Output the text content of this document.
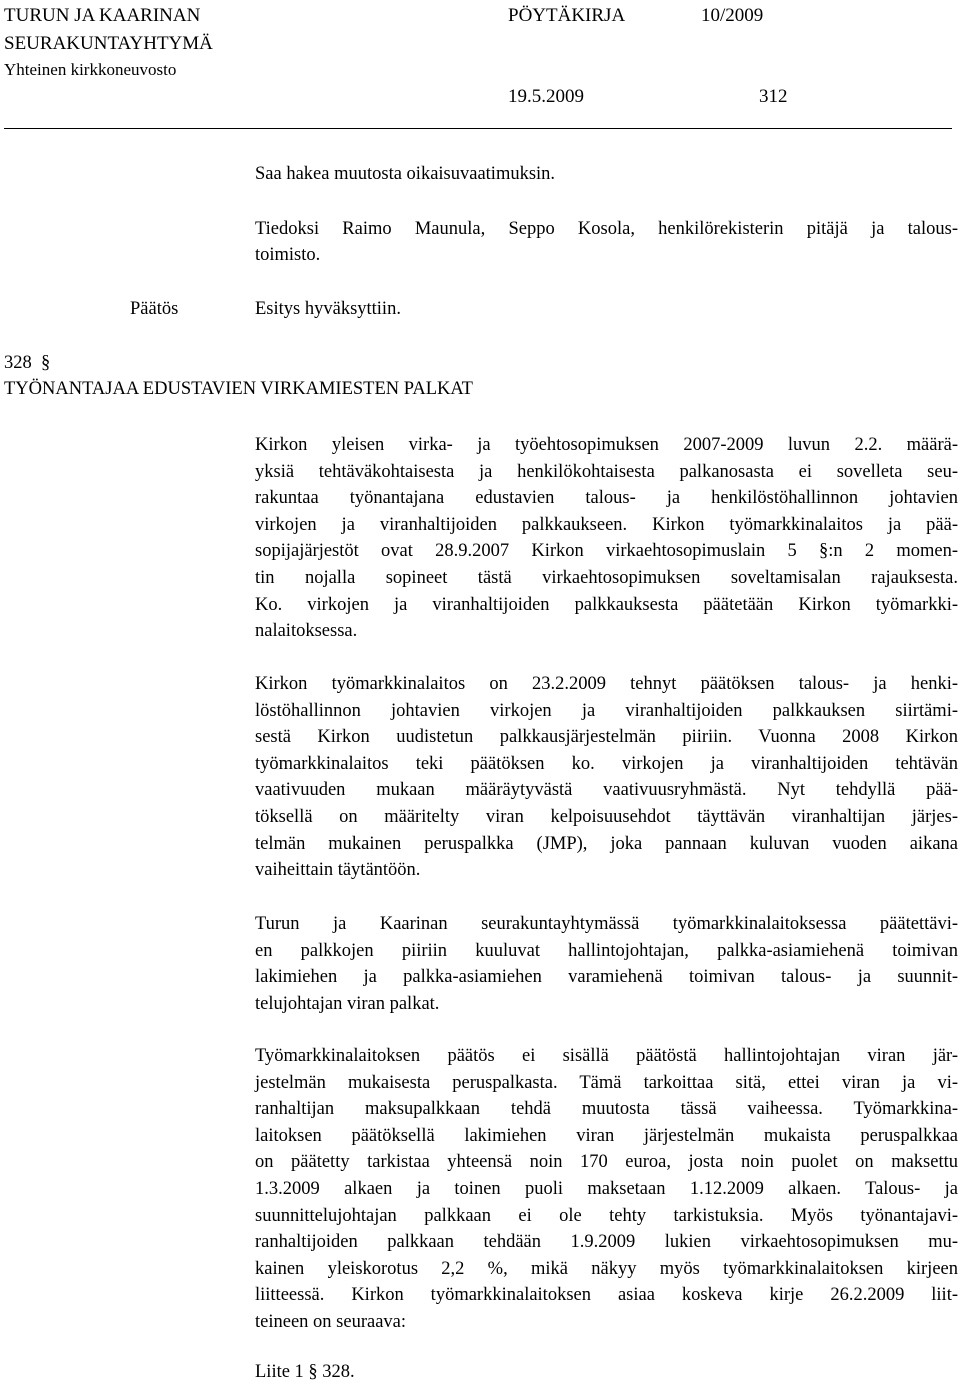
TURUN JA KAARINAN
SEURAKUNTAYHTYMÄ
Yhteinen kirkkoneuvosto
PÖYTÄKIRJA	10/2009
19.5.2009	312
Saa hakea muutosta oikaisuvaatimuksin.
Tiedoksi Raimo Maunula, Seppo Kosola, henkilörekisterin pitäjä ja talous-
toimisto.
Päätös	Esitys hyväksyttiin.
328  §
TYÖNANTAJAA EDUSTAVIEN VIRKAMIESTEN PALKAT
Kirkon yleisen virka- ja työehtosopimuksen 2007-2009 luvun 2.2. määrä-
yksiä tehtäväkohtaisesta ja henkilökohtaisesta palkanosasta ei sovelleta seu-
rakuntaa työnantajana edustavien talous- ja henkilöstöhallinnon johtavien
virkojen ja viranhaltijoiden palkkaukseen. Kirkon työmarkkinalaitos ja pää-
sopijajärjestöt ovat 28.9.2007 Kirkon virkaehtosopimuslain 5 §:n 2 momen-
tin nojalla sopineet tästä virkaehtosopimuksen soveltamisalan rajauksesta.
Ko. virkojen ja viranhaltijoiden palkkauksesta päätetään Kirkon työmarkki-
nalaitoksessa.
Kirkon työmarkkinalaitos on 23.2.2009 tehnyt päätöksen talous- ja henki-
löstöhallinnon johtavien virkojen ja viranhaltijoiden palkkauksen siirtämi-
sestä Kirkon uudistetun palkkausjärjestelmän piiriin. Vuonna 2008 Kirkon
työmarkkinalaitos teki päätöksen ko. virkojen ja viranhaltijoiden tehtävän
vaativuuden mukaan määräytyvästä vaativuusryhmästä. Nyt tehdyllä pää-
töksellä on määritelty viran kelpoisuusehdot täyttävän viranhaltijan järjes-
telmän mukainen peruspalkka (JMP), joka pannaan kuluvan vuoden aikana
vaiheittain täytäntöön.
Turun ja Kaarinan seurakuntayhtymässä työmarkkinalaitoksessa päätettävi-
en palkkojen piiriin kuuluvat hallintojohtajan, palkka-asiamiehenä toimivan
lakimiehen ja palkka-asiamiehen varamiehenä toimivan talous- ja suunnit-
telujohtajan viran palkat.
Työmarkkinalaitoksen päätös ei sisällä päätöstä hallintojohtajan viran jär-
jestelmän mukaisesta peruspalkasta. Tämä tarkoittaa sitä, ettei viran ja vi-
ranhaltijan maksupalkkaan tehdä muutosta tässä vaiheessa. Työmarkkina-
laitoksen päätöksellä lakimiehen viran järjestelmän mukaista peruspalkkaa
on päätetty tarkistaa yhteensä noin 170 euroa, josta noin puolet on maksettu
1.3.2009 alkaen ja toinen puoli maksetaan 1.12.2009 alkaen. Talous- ja
suunnittelujohtajan palkkaan ei ole tehty tarkistuksia. Myös työnantajavi-
ranhaltijoiden palkkaan tehdään 1.9.2009 lukien virkaehtosopimuksen mu-
kainen yleiskorotus 2,2 %, mikä näkyy myös työmarkkinalaitoksen kirjeen
liitteessä. Kirkon työmarkkinalaitoksen asiaa koskeva kirje 26.2.2009 liit-
teineen on seuraava:
Liite 1 § 328.
